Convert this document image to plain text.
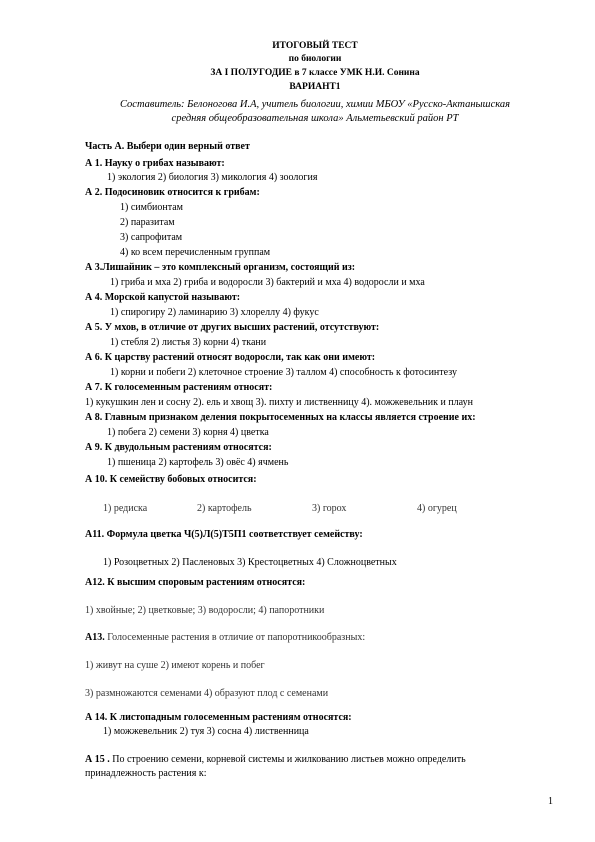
ИТОГОВЫЙ ТЕСТ
по биологии
ЗА I ПОЛУГОДИЕ в 7 классе УМК Н.И. Сонина
ВАРИАНТ1
Составитель: Белоногова И.А, учитель биологии, химии МБОУ «Русско-Актанышская
средняя общеобразовательная школа» Альметьевский район РТ
Часть А. Выбери один верный ответ
А 1. Науку о грибах называют:
1) экология 2) биология 3) микология 4) зоология
А 2. Подосиновик относится к грибам:
1) симбионтам
2) паразитам
3) сапрофитам
4) ко всем перечисленным группам
А 3.Лишайник – это комплексный организм, состоящий из:
1) гриба и мха 2) гриба и водоросли 3) бактерий и мха 4) водоросли и мха
А 4. Морской капустой называют:
1) спирогиру 2) ламинарию 3) хлореллу 4) фукус
А 5. У мхов, в отличие от других высших растений, отсутствуют:
1) стебля 2) листья 3) корни 4) ткани
А 6. К царству растений относят водоросли, так как они имеют:
1) корни и побеги 2) клеточное строение 3) таллом 4) способность к фотосинтезу
А 7. К голосеменным растениям относят:
1) кукушкин лен и сосну 2). ель и хвощ 3). пихту и лиственницу 4). можжевельник и плаун
А 8. Главным признаком деления покрытосеменных на классы является строение их:
1) побега 2) семени 3) корня 4) цветка
А 9. К двудольным растениям относятся:
1) пшеница 2) картофель 3) овёс 4) ячмень
А 10. К семейству бобовых относится:
1) редиска	2) картофель	3) горох	4) огурец
А11. Формула цветка Ч(5)Л(5)Т5П1 соответствует семейству:
1) Розоцветных 2) Пасленовых 3) Крестоцветных 4) Сложноцветных
А12. К высшим споровым растениям относятся:
1) хвойные; 2) цветковые; 3) водоросли; 4) папоротники
А13. Голосеменные растения в отличие от папоротникообразных:
1) живут на суше 2) имеют корень и побег
3) размножаются семенами 4) образуют плод с семенами
А 14. К листопадным голосеменным растениям относятся:
1) можжевельник 2) туя 3) сосна 4) лиственница
А 15 . По строению семени, корневой системы и жилкованию листьев можно определить
принадлежность растения к:
1
